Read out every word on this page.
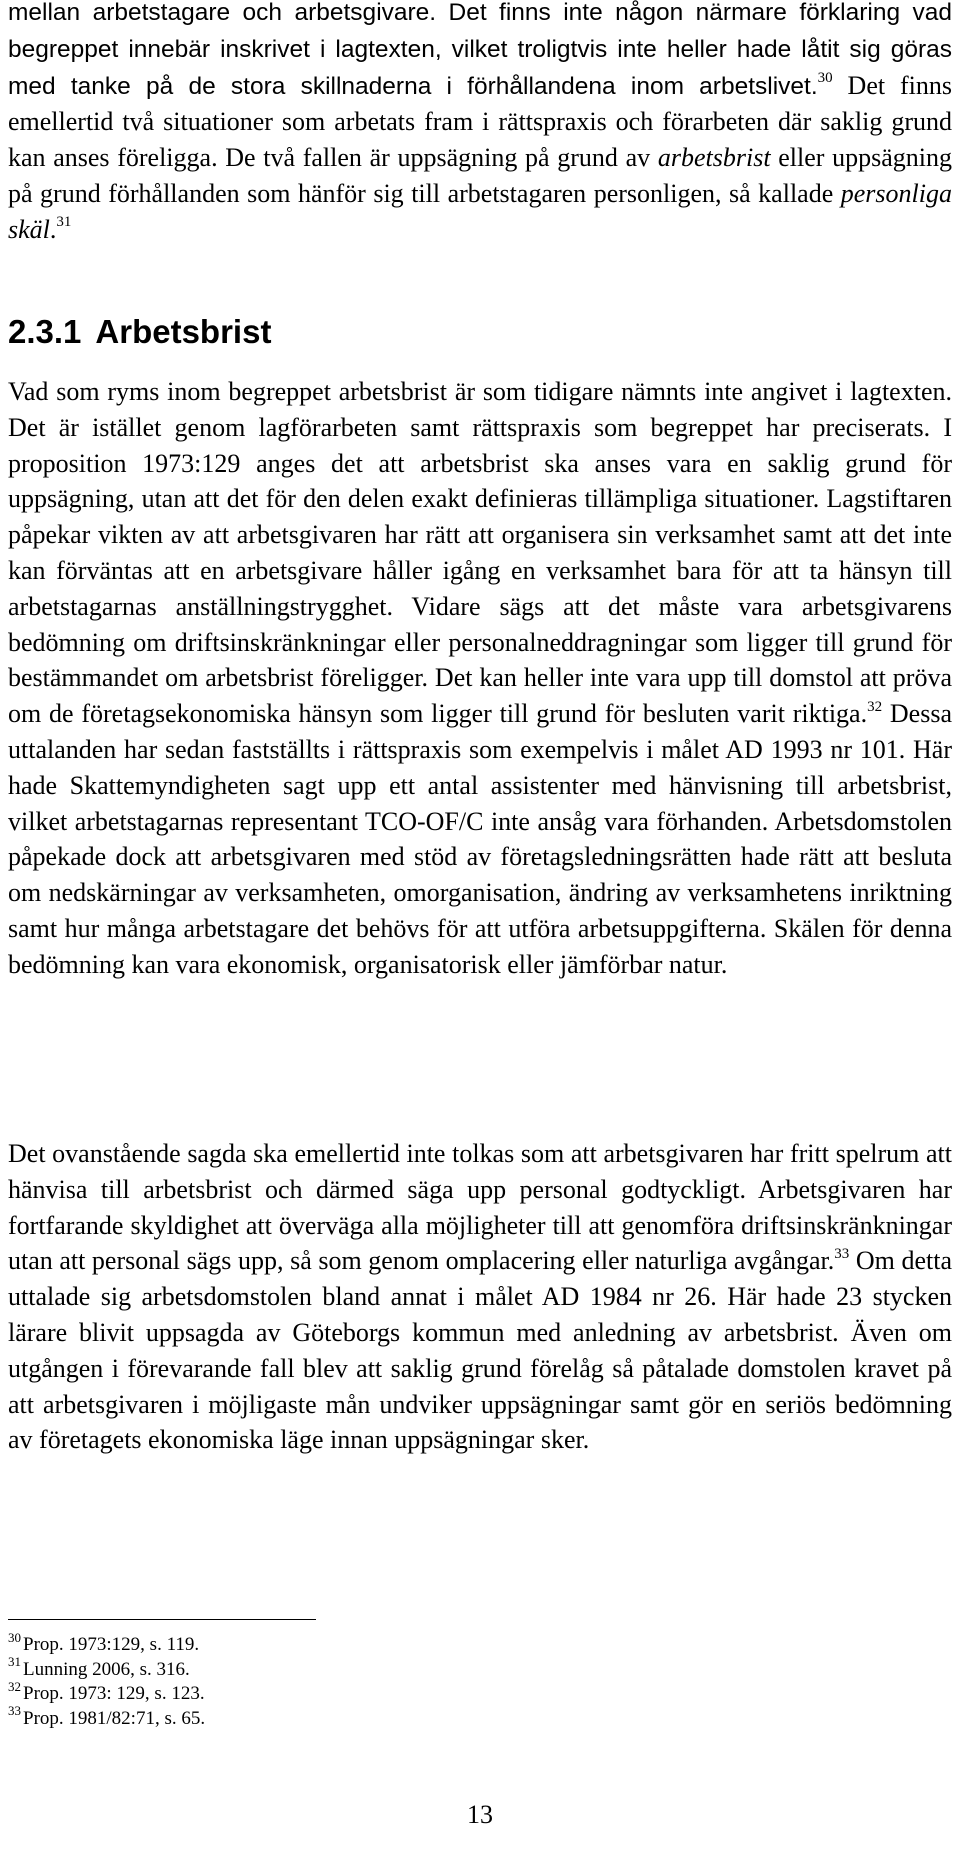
mellan arbetstagare och arbetsgivare. Det finns inte någon närmare förklaring vad begreppet innebär inskrivet i lagtexten, vilket troligtvis inte heller hade låtit sig göras med tanke på de stora skillnaderna i förhållandena inom arbetslivet.$^{30}$ Det finns emellertid två situationer som arbetats fram i rättspraxis och förarbeten där saklig grund kan anses föreligga. De två fallen är uppsägning på grund av arbetsbrist eller uppsägning på grund förhållanden som hänför sig till arbetstagaren personligen, så kallade personliga skäl.$^{31}$

2.3.1 Arbetsbrist

Vad som ryms inom begreppet arbetsbrist är som tidigare nämnts inte angivet i lagtexten. Det är istället genom lagförarbeten samt rättspraxis som begreppet har preciserats. I proposition 1973:129 anges det att arbetsbrist ska anses vara en saklig grund för uppsägning, utan att det för den delen exakt definieras tillämpliga situationer. Lagstiftaren påpekar vikten av att arbetsgivaren har rätt att organisera sin verksamhet samt att det inte kan förväntas att en arbetsgivare håller igång en verksamhet bara för att ta hänsyn till arbetstagarnas anställningstrygghet. Vidare sägs att det måste vara arbetsgivarens bedömning om driftsinskränkningar eller personalneddragningar som ligger till grund för bestämmandet om arbetsbrist föreligger. Det kan heller inte vara upp till domstol att pröva om de företagsekonomiska hänsyn som ligger till grund för besluten varit riktiga.$^{32}$ Dessa uttalanden har sedan fastställts i rättspraxis som exempelvis i målet AD 1993 nr 101. Här hade Skattemyndigheten sagt upp ett antal assistenter med hänvisning till arbetsbrist, vilket arbetstagarnas representant TCO-OF/C inte ansåg vara förhanden. Arbetsdomstolen påpekade dock att arbetsgivaren med stöd av företagsledningsrätten hade rätt att besluta om nedskärningar av verksamheten, omorganisation, ändring av verksamhetens inriktning samt hur många arbetstagare det behövs för att utföra arbetsuppgifterna. Skälen för denna bedömning kan vara ekonomisk, organisatorisk eller jämförbar natur.

Det ovanstående sagda ska emellertid inte tolkas som att arbetsgivaren har fritt spelrum att hänvisa till arbetsbrist och därmed säga upp personal godtyckligt. Arbetsgivaren har fortfarande skyldighet att överväga alla möjligheter till att genomföra driftsinskränkningar utan att personal sägs upp, så som genom omplacering eller naturliga avgångar.$^{33}$ Om detta uttalade sig arbetsdomstolen bland annat i målet AD 1984 nr 26. Här hade 23 stycken lärare blivit uppsagda av Göteborgs kommun med anledning av arbetsbrist. Även om utgången i förevarande fall blev att saklig grund förelåg så påtalade domstolen kravet på att arbetsgivaren i möjligaste mån undviker uppsägningar samt gör en seriös bedömning av företagets ekonomiska läge innan uppsägningar sker.

$^{30}$ Prop. 1973:129, s. 119.
$^{31}$ Lunning 2006, s. 316.
$^{32}$ Prop. 1973: 129, s. 123.
$^{33}$ Prop. 1981/82:71, s. 65.
13
